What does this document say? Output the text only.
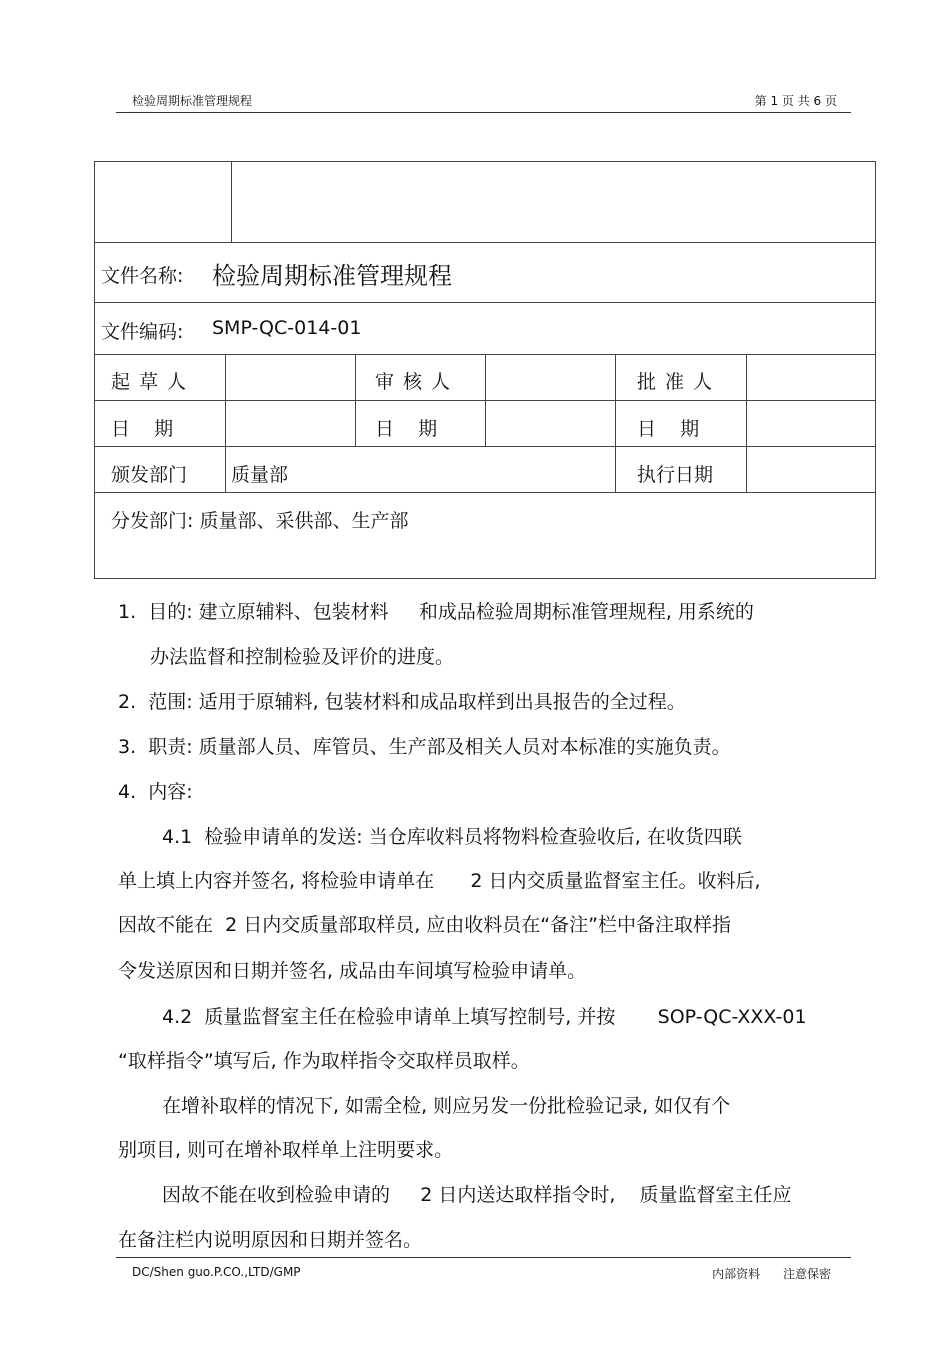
检验周期标准管理规程	第 1 页 共 6 页
文件名称: 检验周期标准管理规程
文件编码: SMP-QC-014-01
起草人	审核人	批准人
日  期	日  期	日  期
颁发部门 质量部	执行日期
分发部门: 质量部、采供部、生产部
1.  目的: 建立原辅料、包装材料     和成品检验周期标准管理规程, 用系统的
办法监督和控制检验及评价的进度。
2.  范围: 适用于原辅料, 包装材料和成品取样到出具报告的全过程。
3.  职责: 质量部人员、库管员、生产部及相关人员对本标准的实施负责。
4.  内容:
4.1  检验申请单的发送: 当仓库收料员将物料检查验收后, 在收货四联
单上填上内容并签名, 将检验申请单在      2 日内交质量监督室主任。收料后,
因故不能在  2 日内交质量部取样员, 应由收料员在“备注”栏中备注取样指
令发送原因和日期并签名, 成品由车间填写检验申请单。
4.2  质量监督室主任在检验申请单上填写控制号, 并按       SOP-QC-XXX-01
“取样指令”填写后, 作为取样指令交取样员取样。
在增补取样的情况下, 如需全检, 则应另发一份批检验记录, 如仅有个
别项目, 则可在增补取样单上注明要求。
因故不能在收到检验申请的     2 日内送达取样指令时,    质量监督室主任应
在备注栏内说明原因和日期并签名。
DC/Shen guo.P.CO.,LTD/GMP	内部资料      注意保密
